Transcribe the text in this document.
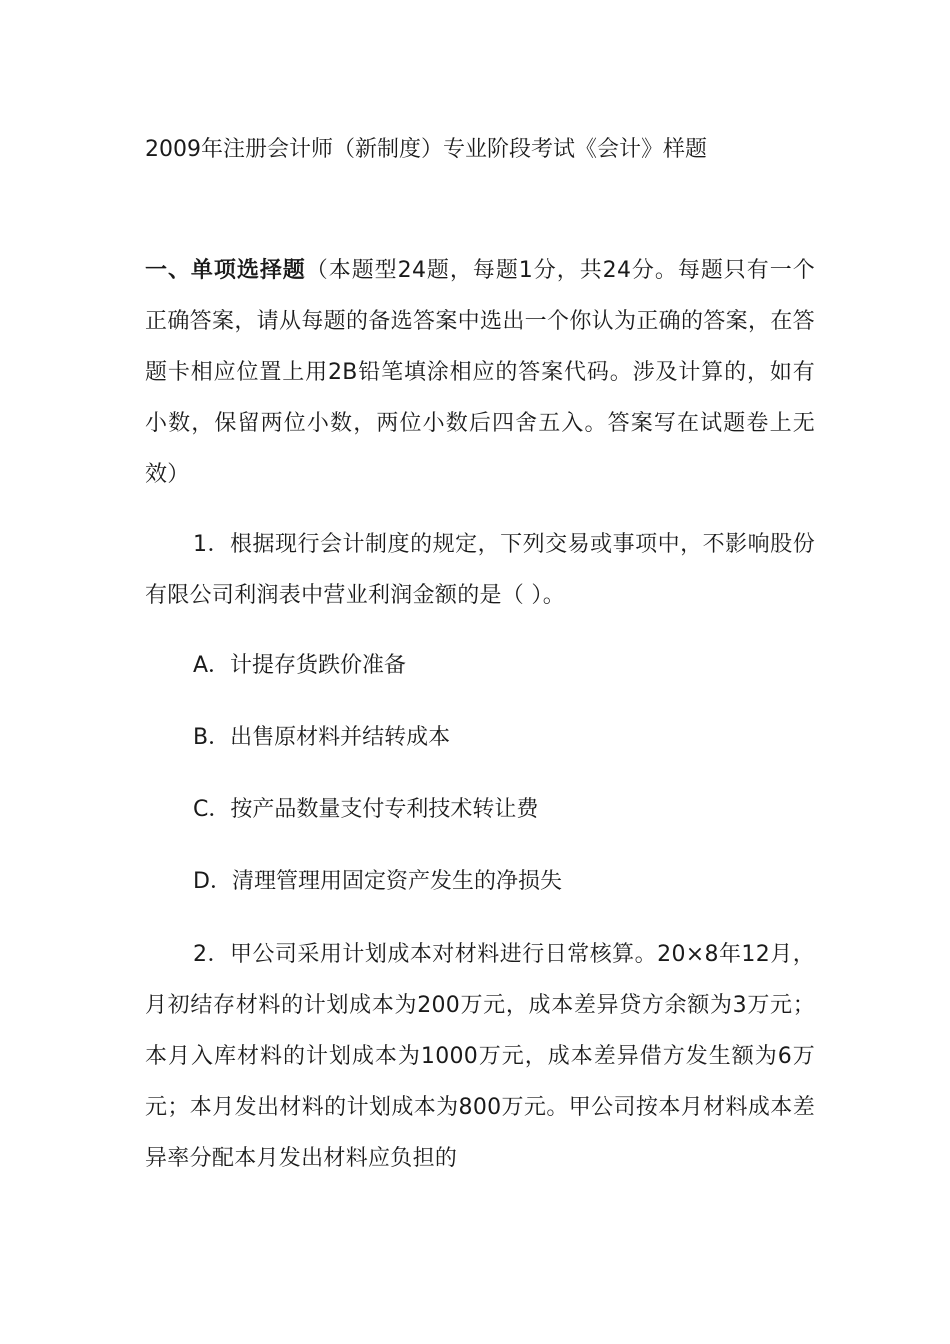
2009年注册会计师（新制度）专业阶段考试《会计》样题

一、单项选择题（本题型24题，每题1分，共24分。每题只有一个正确答案，请从每题的备选答案中选出一个你认为正确的答案，在答题卡相应位置上用2B铅笔填涂相应的答案代码。涉及计算的，如有小数，保留两位小数，两位小数后四舍五入。答案写在试题卷上无效）

1．根据现行会计制度的规定，下列交易或事项中，不影响股份有限公司利润表中营业利润金额的是（ ）。

A．计提存货跌价准备

B．出售原材料并结转成本

C．按产品数量支付专利技术转让费

D．清理管理用固定资产发生的净损失

2．甲公司采用计划成本对材料进行日常核算。20×8年12月，月初结存材料的计划成本为200万元，成本差异贷方余额为3万元；本月入库材料的计划成本为1000万元，成本差异借方发生额为6万元；本月发出材料的计划成本为800万元。甲公司按本月材料成本差异率分配本月发出材料应负担的
